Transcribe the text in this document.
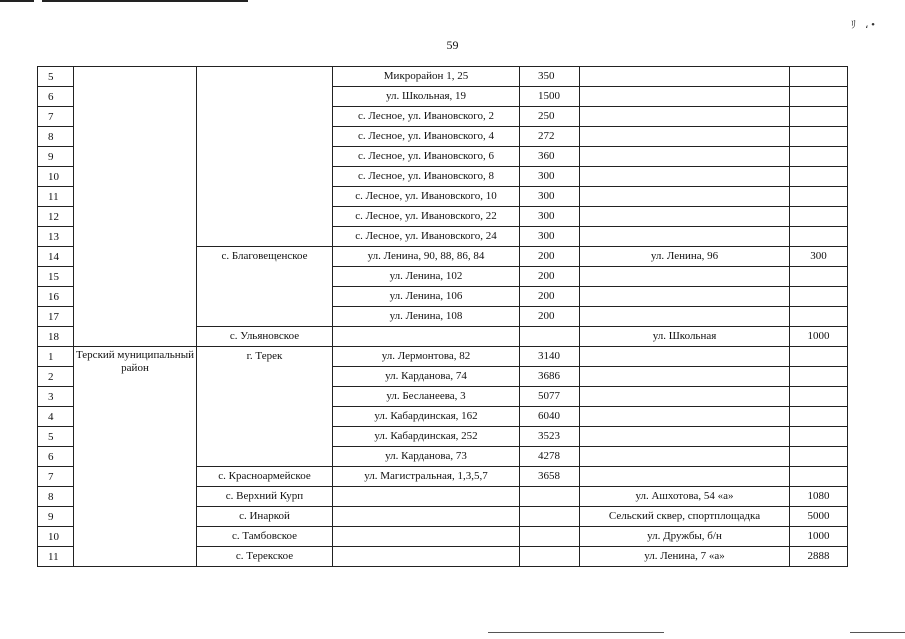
ﾘ ، •
59
5			Микрорайон 1, 25	350		
6			ул. Школьная, 19	1500		
7			с. Лесное, ул. Ивановского, 2	250		
8			с. Лесное, ул. Ивановского, 4	272		
9			с. Лесное, ул. Ивановского, 6	360		
10			с. Лесное, ул. Ивановского, 8	300		
11			с. Лесное, ул. Ивановского, 10	300		
12			с. Лесное, ул. Ивановского, 22	300		
13			с. Лесное, ул. Ивановского, 24	300		
14		с. Благовещенское	ул. Ленина, 90, 88, 86, 84	200	ул. Ленина, 96	300
15			ул. Ленина, 102	200		
16			ул. Ленина, 106	200		
17			ул. Ленина, 108	200		
18		с. Ульяновское			ул. Школьная	1000
1	Терский муниципальный район	г. Терек	ул. Лермонтова, 82	3140		
2			ул. Карданова, 74	3686		
3			ул. Бесланеева, 3	5077		
4			ул. Кабардинская, 162	6040		
5			ул. Кабардинская, 252	3523		
6			ул. Карданова, 73	4278		
7		с. Красноармейское	ул. Магистральная, 1,3,5,7	3658		
8		с. Верхний Курп			ул. Ашхотова, 54 «а»	1080
9		с. Инаркой			Сельский сквер, спортплощадка	5000
10		с. Тамбовское			ул. Дружбы, б/н	1000
11		с. Терекское			ул. Ленина, 7 «а»	2888
